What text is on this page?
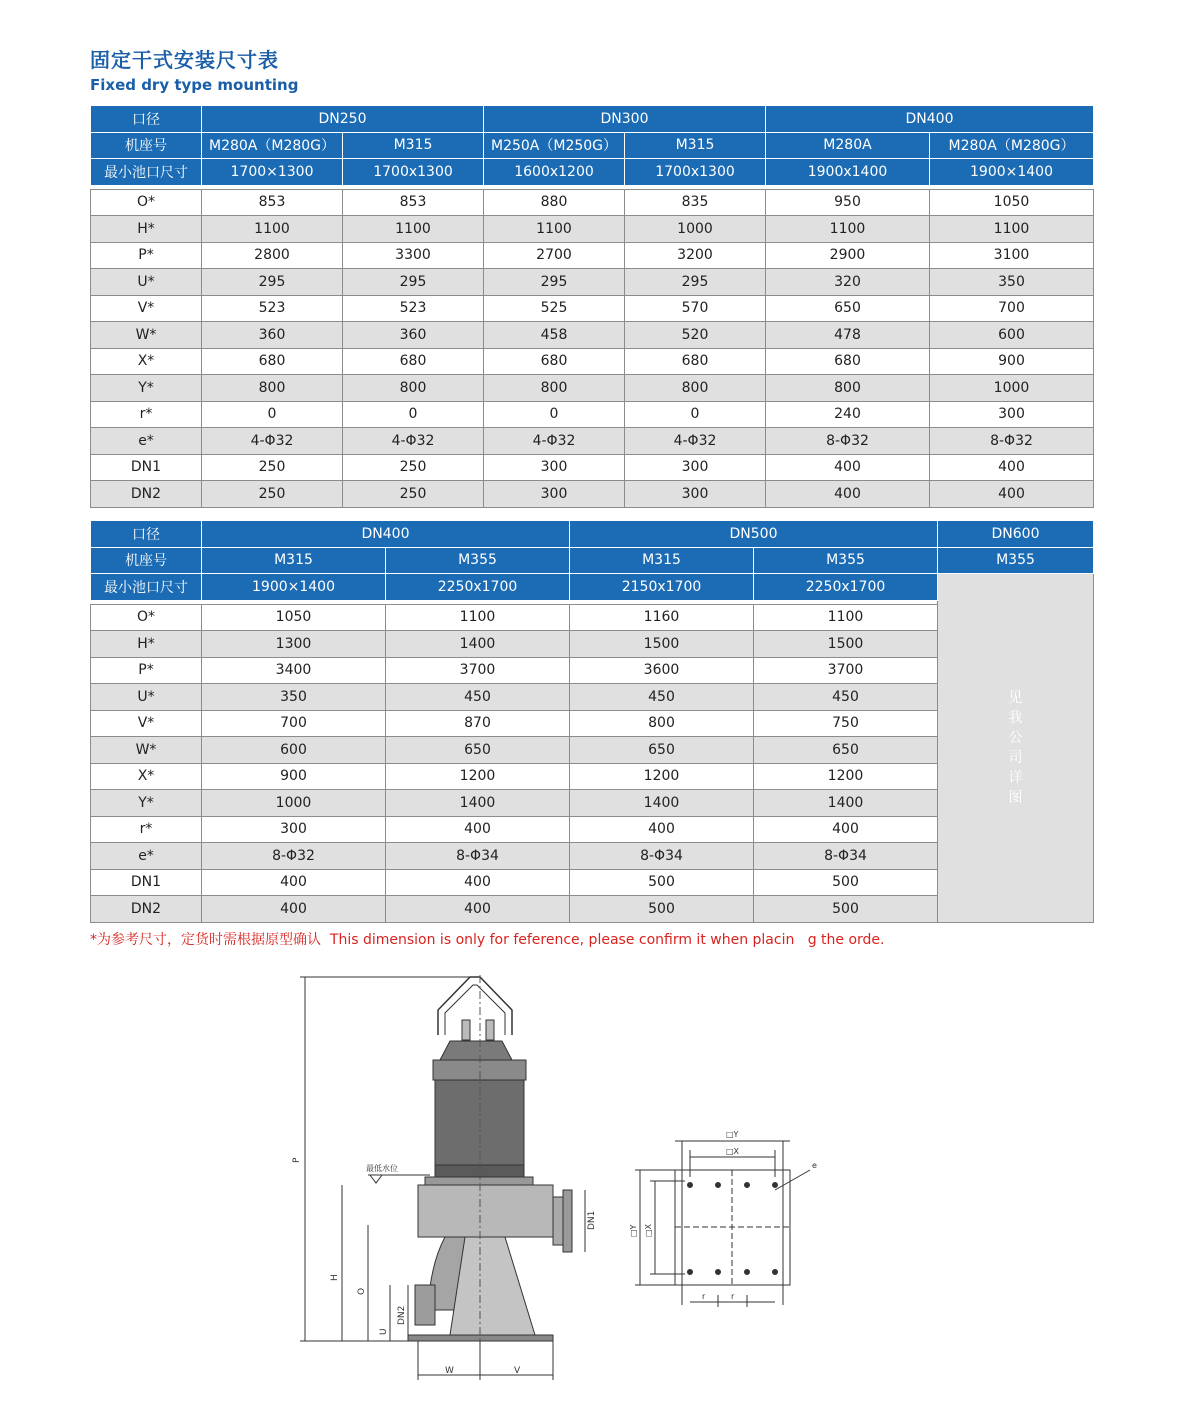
固定干式安装尺寸表
Fixed dry type mounting
口径	DN250		DN300		DN400	
机座号	M280A（M280G）	M315	M250A（M250G）	M315	M280A	M280A（M280G）
最小池口尺寸	1700×1300	1700x1300	1600x1200	1700x1300	1900x1400	1900×1400

O*	853	853	880	835	950	1050
H*	1100	1100	1100	1000	1100	1100
P*	2800	3300	2700	3200	2900	3100
U*	295	295	295	295	320	350
V*	523	523	525	570	650	700
W*	360	360	458	520	478	600
X*	680	680	680	680	680	900
Y*	800	800	800	800	800	1000
r*	0	0	0	0	240	300
e*	4-Φ32	4-Φ32	4-Φ32	4-Φ32	8-Φ32	8-Φ32
DN1	250	250	300	300	400	400
DN2	250	250	300	300	400	400
口径	DN400		DN500		DN600
机座号	M315	M355	M315	M355	M355
最小池口尺寸	1900×1400	2250x1700	2150x1700	2250x1700	见我公司详图

O*	1050	1100	1160	1100	
H*	1300	1400	1500	1500	
P*	3400	3700	3600	3700	
U*	350	450	450	450	
V*	700	870	800	750	
W*	600	650	650	650	
X*	900	1200	1200	1200	
Y*	1000	1400	1400	1400	
r*	300	400	400	400	
e*	8-Φ32	8-Φ34	8-Φ34	8-Φ34	
DN1	400	400	500	500	
DN2	400	400	500	500	
*为参考尺寸，定货时需根据原型确认  This dimension is only for feference, please confirm it when placin   g the orde.
P
H
O
U
DN2
DN1
W	V
最低水位
□Y
□X
e
□Y □X
r	r
